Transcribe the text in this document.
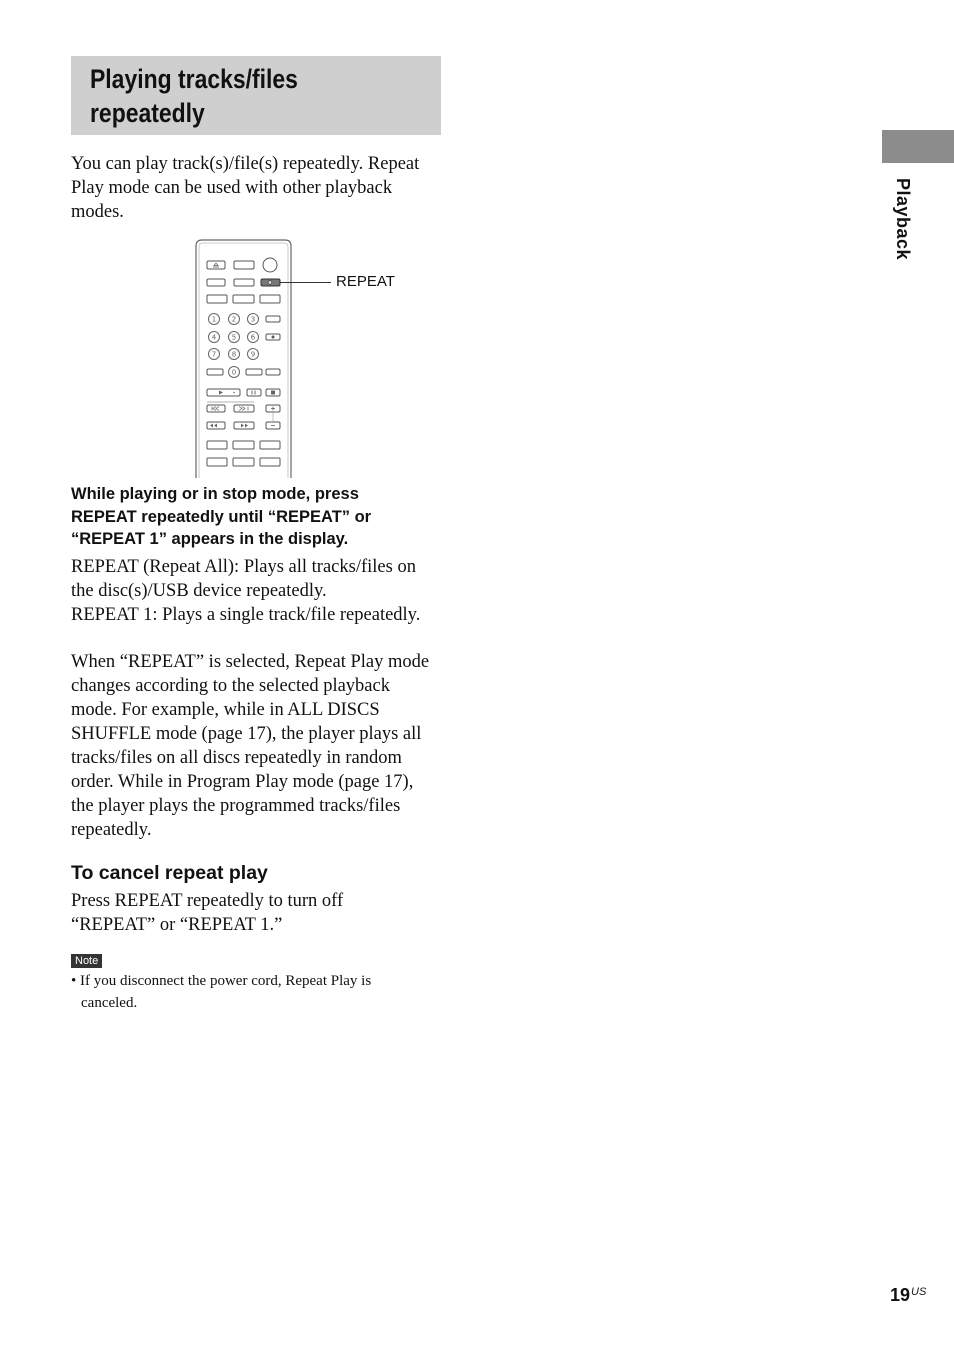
Playing tracks/files
repeatedly
You can play track(s)/file(s) repeatedly. Repeat
Play mode can be used with other playback
modes.
1 2 3
4 5 6
7 8 9
0
REPEAT
While playing or in stop mode, press
REPEAT repeatedly until “REPEAT” or
“REPEAT 1” appears in the display.
REPEAT (Repeat All): Plays all tracks/files on
the disc(s)/USB device repeatedly.
REPEAT 1: Plays a single track/file repeatedly.
When “REPEAT” is selected, Repeat Play mode
changes according to the selected playback
mode. For example, while in ALL DISCS
SHUFFLE mode (page 17), the player plays all
tracks/files on all discs repeatedly in random
order. While in Program Play mode (page 17),
the player plays the programmed tracks/files
repeatedly.
To cancel repeat play
Press REPEAT repeatedly to turn off
“REPEAT” or “REPEAT 1.”
Note
• If you disconnect the power cord, Repeat Play is
canceled.
Playback
$19^{US}$
